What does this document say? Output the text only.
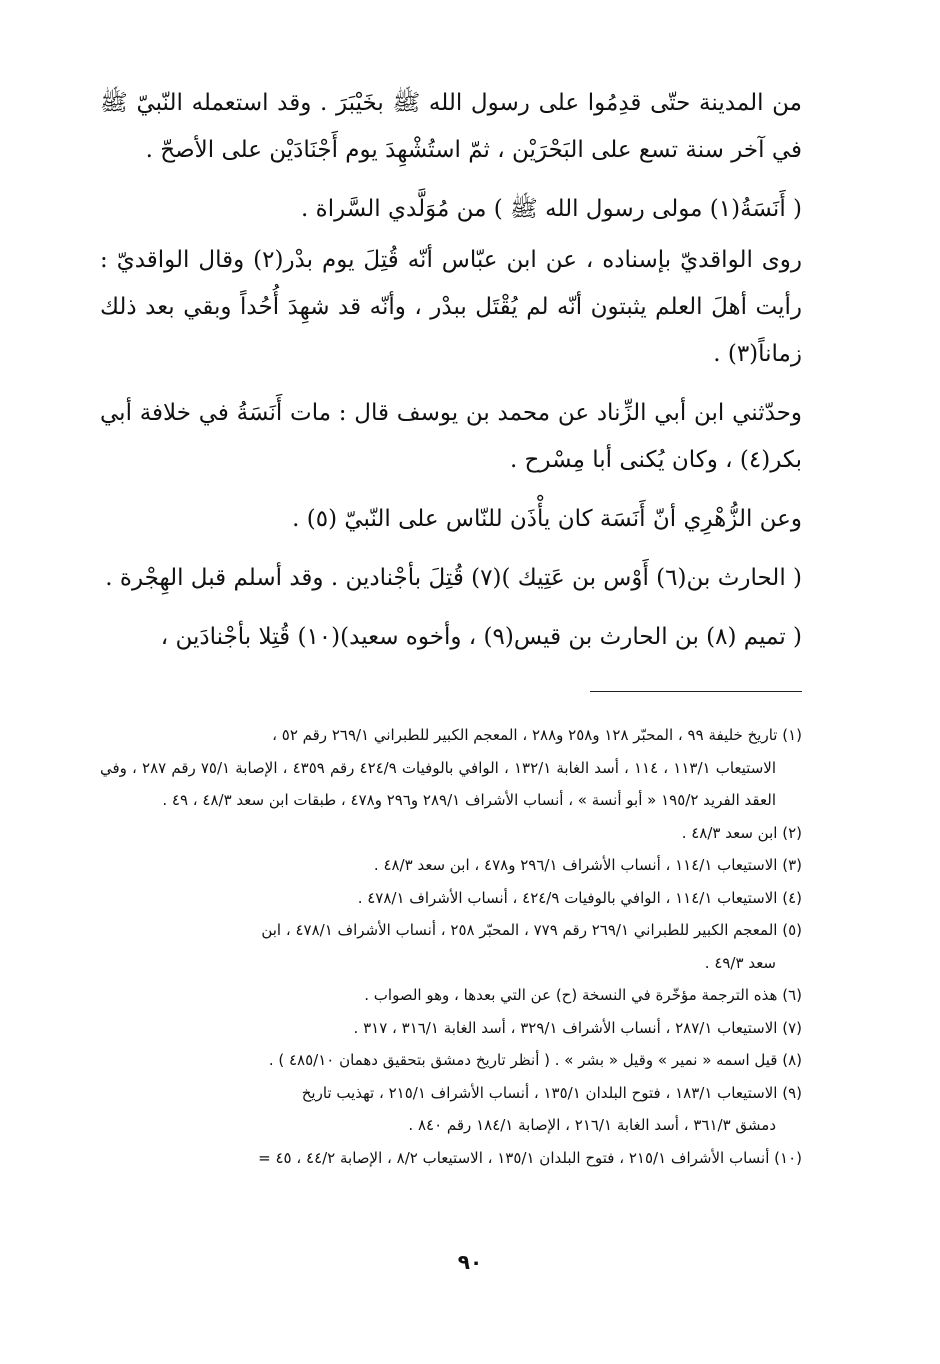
من المدينة حتّى قدِمُوا على رسول الله ﷺ بخَيْبَرَ . وقد استعمله النّبيّ ﷺ في آخر سنة تسع على البَحْرَيْن ، ثمّ استُشْهِدَ يوم أَجْنَادَيْن على الأصحّ .

( أَنَسَةُ(١) مولى رسول الله ﷺ ) من مُوَلَّدي السَّراة .

روى الواقديّ بإسناده ، عن ابن عبّاس أنّه قُتِلَ يوم بدْر(٢) وقال الواقديّ : رأيت أهلَ العلم يثبتون أنّه لم يُقْتَل ببدْر ، وأنّه قد شهِدَ أُحُداً وبقي بعد ذلك زماناً(٣) .

وحدّثني ابن أبي الزِّناد عن محمد بن يوسف قال : مات أَنَسَةُ في خلافة أبي بكر(٤) ، وكان يُكنى أبا مِسْرح .

وعن الزُّهْرِي أنّ أَنَسَة كان يأْذَن للنّاس على النّبيّ (٥) .

( الحارث بن(٦) أَوْس بن عَتِيك )(٧) قُتِلَ بأجْنادين . وقد أسلم قبل الهِجْرة .

( تميم (٨) بن الحارث بن قيس(٩) ، وأخوه سعيد)(١٠) قُتِلا بأجْنادَين ،

(١) تاريخ خليفة ٩٩ ، المحبّر ١٢٨ و٢٥٨ و٢٨٨ ، المعجم الكبير للطبراني ٢٦٩/١ رقم ٥٢ ،
الاستيعاب ١١٣/١ ، ١١٤ ، أسد الغابة ١٣٢/١ ، الوافي بالوفيات ٤٢٤/٩ رقم ٤٣٥٩ ، الإصابة ٧٥/١ رقم ٢٨٧ ، وفي العقد الفريد ١٩٥/٢ « أبو أنسة » ، أنساب الأشراف ٢٨٩/١ و٢٩٦ و٤٧٨ ، طبقات ابن سعد ٤٨/٣ ، ٤٩ .

(٢) ابن سعد ٤٨/٣ .

(٣) الاستيعاب ١١٤/١ ، أنساب الأشراف ٢٩٦/١ و٤٧٨ ، ابن سعد ٤٨/٣ .

(٤) الاستيعاب ١١٤/١ ، الوافي بالوفيات ٤٢٤/٩ ، أنساب الأشراف ٤٧٨/١ .

(٥) المعجم الكبير للطبراني ٢٦٩/١ رقم ٧٧٩ ، المحبّر ٢٥٨ ، أنساب الأشراف ٤٧٨/١ ، ابن
سعد ٤٩/٣ .

(٦) هذه الترجمة مؤخّرة في النسخة (ح) عن التي بعدها ، وهو الصواب .

(٧) الاستيعاب ٢٨٧/١ ، أنساب الأشراف ٣٢٩/١ ، أسد الغابة ٣١٦/١ ، ٣١٧ .

(٨) قيل اسمه « نمير » وقيل « بشر » . ( أنظر تاريخ دمشق بتحقيق دهمان ٤٨٥/١٠ ) .

(٩) الاستيعاب ١٨٣/١ ، فتوح البلدان ١٣٥/١ ، أنساب الأشراف ٢١٥/١ ، تهذيب تاريخ
دمشق ٣٦١/٣ ، أسد الغابة ٢١٦/١ ، الإصابة ١٨٤/١ رقم ٨٤٠ .

(١٠) أنساب الأشراف ٢١٥/١ ، فتوح البلدان ١٣٥/١ ، الاستيعاب ٨/٢ ، الإصابة ٤٤/٢ ، ٤٥ =

٩٠
